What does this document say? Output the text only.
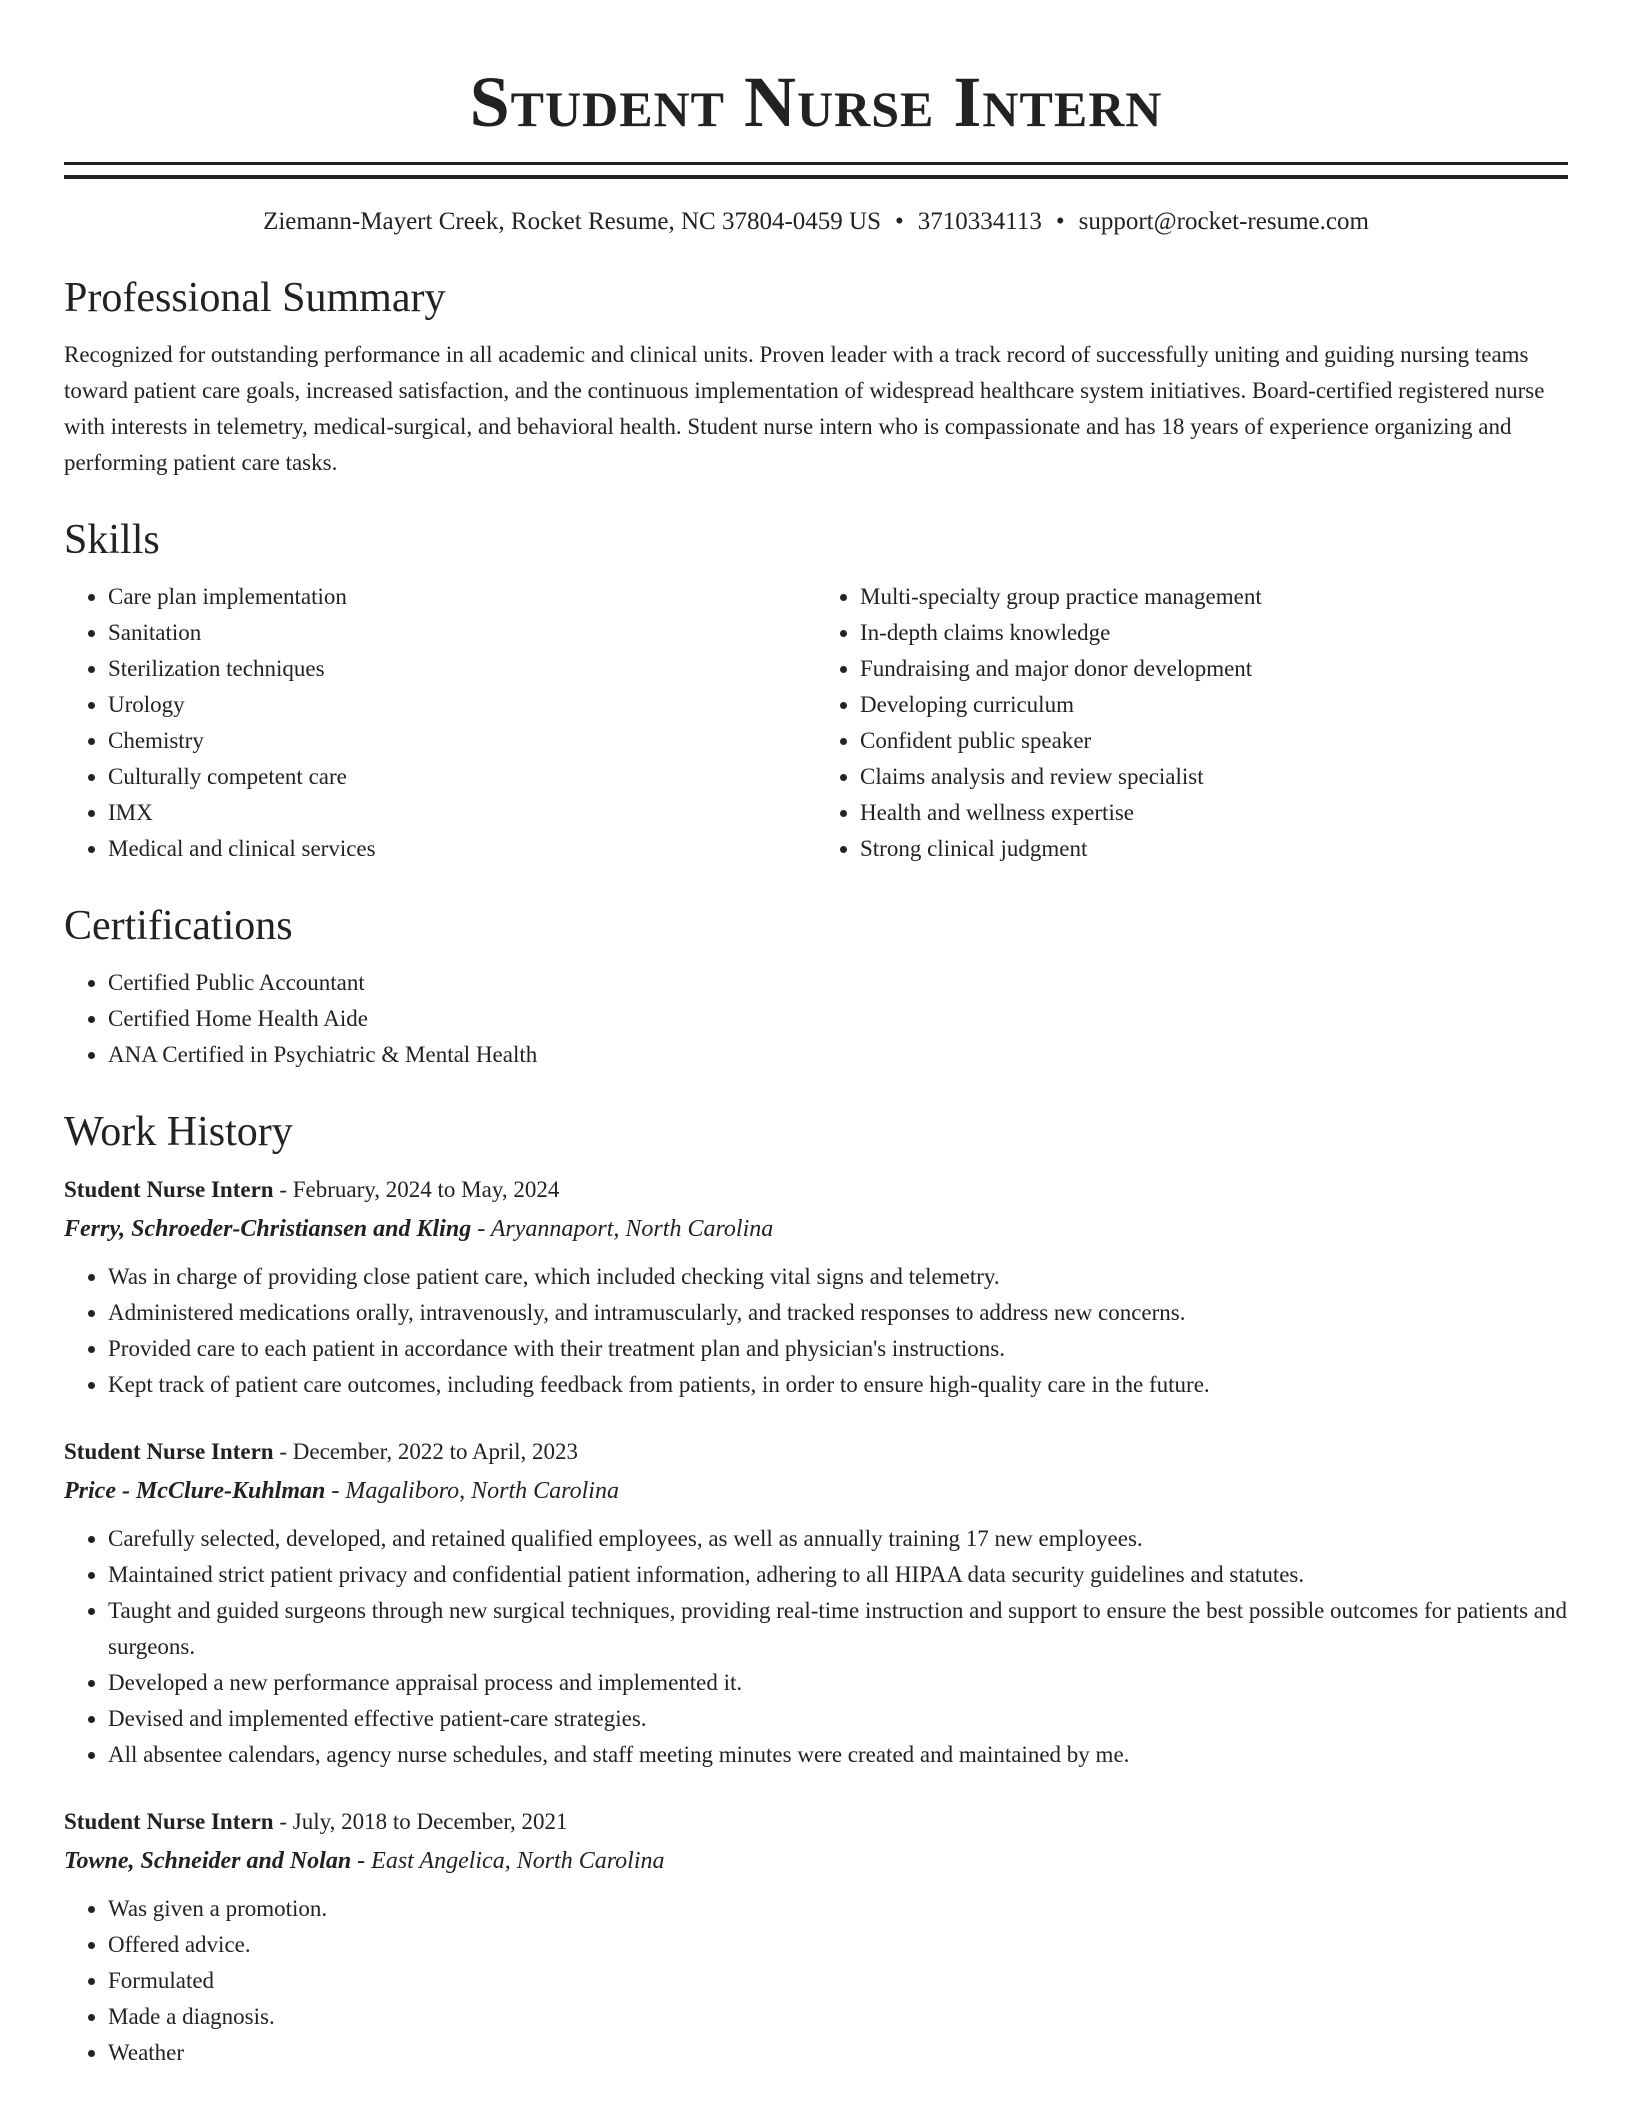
Student Nurse Intern
Ziemann-Mayert Creek, Rocket Resume, NC 37804-0459 US • 3710334113 • support@rocket-resume.com
Professional Summary

Recognized for outstanding performance in all academic and clinical units. Proven leader with a track record of successfully uniting and guiding nursing teams toward patient care goals, increased satisfaction, and the continuous implementation of widespread healthcare system initiatives. Board-certified registered nurse with interests in telemetry, medical-surgical, and behavioral health. Student nurse intern who is compassionate and has 18 years of experience organizing and performing patient care tasks.

Skills
• Care plan implementation
• Sanitation
• Sterilization techniques
• Urology
• Chemistry
• Culturally competent care
• IMX
• Medical and clinical services
• Multi-specialty group practice management
• In-depth claims knowledge
• Fundraising and major donor development
• Developing curriculum
• Confident public speaker
• Claims analysis and review specialist
• Health and wellness expertise
• Strong clinical judgment
Certifications
• Certified Public Accountant
• Certified Home Health Aide
• ANA Certified in Psychiatric & Mental Health
Work History
Student Nurse Intern - February, 2024 to May, 2024
Ferry, Schroeder-Christiansen and Kling - Aryannaport, North Carolina
• Was in charge of providing close patient care, which included checking vital signs and telemetry.
• Administered medications orally, intravenously, and intramuscularly, and tracked responses to address new concerns.
• Provided care to each patient in accordance with their treatment plan and physician's instructions.
• Kept track of patient care outcomes, including feedback from patients, in order to ensure high-quality care in the future.
Student Nurse Intern - December, 2022 to April, 2023
Price - McClure-Kuhlman - Magaliboro, North Carolina
• Carefully selected, developed, and retained qualified employees, as well as annually training 17 new employees.
• Maintained strict patient privacy and confidential patient information, adhering to all HIPAA data security guidelines and statutes.
• Taught and guided surgeons through new surgical techniques, providing real-time instruction and support to ensure the best possible outcomes for patients and surgeons.
• Developed a new performance appraisal process and implemented it.
• Devised and implemented effective patient-care strategies.
• All absentee calendars, agency nurse schedules, and staff meeting minutes were created and maintained by me.
Student Nurse Intern - July, 2018 to December, 2021
Towne, Schneider and Nolan - East Angelica, North Carolina
• Was given a promotion.
• Offered advice.
• Formulated
• Made a diagnosis.
• Weather
